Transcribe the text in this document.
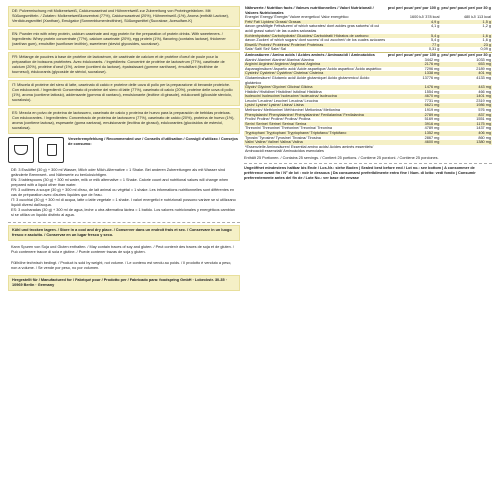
DE: Pulvermischung mit Molkeneiweiß, Calciumcaseinat und Hühnereiweiß zur Zubereitung von Proteingetränken. Mit Süßungsmitteln. / Zutaten: Molkeneiweißkonzentrat (77%), Calciumcaseinat (20%), Hühnereiweiß (1%), Aroma (enthält Lactose), Verdickungsmittel (Xanthan), Emulgator (Sonnenblumenlecithine), Süßungsmittel (Sucralose, Acesulfam-K)

EN: Powder mix with whey protein, calcium caseinate and egg protein for the preparation of protein drinks. With sweeteners. / Ingredients: Whey protein concentrate (77%), calcium caseinate (20%), egg protein (1%), flavoring (contains lactose), thickener (xanthan gum), emulsifier (sunflower lecithin), sweetener (steviol glycosides, sucralose).

FR: Mélange de poudres à base de protéine de lactosérum, de caséinate de calcium et de protéine d'oeuf de poule pour la préparation de boissons protéinées. Avec édulcorants. / Ingrédients: Concentré de protéine de lactosérum (77%), caséinate de calcium (20%), protéine d'oeuf (1%), arôme (contient du lactose), épaississant (gomme xanthane), émulsifiant (lécithine de tournesol), édulcorants (glycoside de stéviol, sucralose).

IT: Miscela di proteine del siero di latte, caseinato di calcio e proteine delle uova di pollo per la preparazione di bevande proteiche. Con edulcoranti. / Ingredienti: Concentrato di proteine del siero di latte (77%), caseinato di calcio (20%), proteine delle uova di pollo (1%), aroma (contiene lattosio), addensante (gomma di xantano), emulsionante (lecitine di girasole), edulcoranti (glicoside steviolo, sucralosio).

ES: Mezcla en polvo de proteína de lactosuero, caseinato de calcio y proteína de huevo para la preparación de bebidas proteicas. Con edulcorantes. / Ingredientes: Concentrado de proteína de lactosuero (77%), caseinato de calcio (20%), proteína de huevo (1%), aroma (contiene lactosa), espesante (goma xantana), emulsionante (lecitina de girasol), edulcorantes (glucósidos de esteviol, sucralosa).

Verzehrempfehlung / Recommended use / Conseils d'utilisation / Consigli d'utilizzo / Consejos de consumo:

DE: 3 Esslöffel (30 g) + 300 ml Wasser, Milch oder Milch-Alternative = 1 Shake. Bei anderen Zubereitungen als mit Wasser sind geänderte Brennwert- und Nährwerte zu berücksichtigen.

EN: 3 tablespoons (30 g) + 300 ml water, milk or milk alternative = 1 Shake. Calorie count and nutritional values will change when prepared with a liquid other than water.

FR: 3 cuillères à soupe (30 g) + 300 ml d'eau, de lait animal ou végétal = 1 shake. Les informations nutritionnelles sont différentes en cas de préparation avec d'autres liquides que de l'eau.

IT: 3 cucchiai (30 g) + 300 ml di acqua, latte o latte vegetale = 1 shake. I valori energetici e nutrizionali possono variare se si utilizzano liquidi diversi dall'acqua.

ES: 3 cucharadas (30 g) + 300 ml de agua, leche u otra alternativa láctea = 1 batido. Los valores nutricionales y energéticos cambian si se utiliza un líquido distinto al agua.

Kühl und trocken lagern. / Store in a cool and dry place. / Conserver dans un endroit frais et sec. / Conservare in un luogo fresco e asciutto. / Conservar en un lugar fresco y seco.

Kann Spuren von Soja und Gluten enthalten. / May contain traces of soy and gluten. / Peut contenir des traces de soja et de gluten. / Può contenere tracce di soia e glutine. / Puede contener trazas de soja y gluten.

Füllhöhe technisch bedingt. / Product is sold by weight, not volume. / Le contenu est vendu au poids. / Il prodotto è venduto a peso, non a volume. / Se vende por peso, no por volumen.

Hergestellt für / Manufactured for / Fabriqué pour / Prodotto per / Fabricado para: foodspring GmbH · Lobeckstr. 30-35 · 10969 Berlin · Germany

Nährwerte / Nutrition facts / Valeurs nutritionnelles / Valori Nutrizionali / Valores Nutricionales	pro/ per/ pour/ per/ por 100 g	pro/ per/ pour/ per/ por 30 g
Energie/ Energy/ Énergie/ Valore energetico/ Valor energético	1600 kJ/ 378 kcal	480 kJ/ 113 kcal
Fett/ Fat/ Lipides/ Grassi/ Grasas	4,9 g	1,5 g
davon gesättigte Fettsäuren/ of which saturates/ dont acides gras saturés/ di cui acidi grassi saturi/ de las cuales saturadas	4,1 g	1,2 g
Kohlenhydrate/ Carbohydrate/ Glucides/ Carboidrati/ Hidratos de carbono	5,4 g	1,6 g
davon Zucker/ of which sugars/ dont sucres/ di cui zuccheri/ de los cuales azúcares	5,4 g	1,6 g
Eiweiß/ Protein/ Protéines/ Proteine/ Proteínas	77 g	23 g
Salz/ Salt/ Sel/ Sale/ Sal	0,31 g	0,09 g
Aminosäuren / Amino acids / Acides aminés / Aminoacidi / Aminoácidos	pro/ per/ pour/ per/ por 100 g	pro/ per/ pour/ per/ por 30 g
Alanin/ Alanine/ Alanine/ Alanina/ Alanina	3442 mg	1033 mg
Arginin/ Arginine/ Arginine/ Arginina/ Arginina	2176 mg	653 mg
Asparaginsäure/ Aspartic acid/ Acide aspartique/ Acido aspartico/ Ácido aspártico	7296 mg	2189 mg
Cystein/ Cysteine/ Cystéine/ Cisteina/ Cisteína	1338 mg	401 mg
Glutaminsäure/ Glutamic acid/ Acide glutamique/ Acido glutammico/ Ácido glutámico	13776 mg	4133 mg
Glycin/ Glycine/ Glycine/ Glicina/ Glicina	1476 mg	443 mg
Histidin/ Histidine/ Histidine/ Istidina/ Histidina	1554 mg	466 mg
Isoleucin/ Isoleucine/ Isoleucine/ Isoleucina/ Isoleucina	4670 mg	1401 mg
Leucin/ Leucine/ Leucine/ Leucina/ Leucina	7731 mg	2319 mg
Lysin/ Lysine/ Lysine/ Lisina/ Lisina	6621 mg	1986 mg
Methionin/ Methionine/ Méthionine/ Metionina/ Metionina	1919 mg	576 mg
Phenylalanin/ Phenylalanine/ Phénylalanine/ Fenilalanina/ Fenilalanina	2789 mg	837 mg
Prolin/ Proline/ Proline/ Prolina/ Prolina	5169 mg	1551 mg
Serin/ Serine/ Sérine/ Serina/ Serina	3916 mg	1175 mg
Threonin/ Threonine/ Thréonine/ Treonina/ Treonina	4789 mg	1437 mg
Tryptophan/ Tryptophan/ Tryptophane/ Triptofano/ Triptófano	1352 mg	406 mg
Tyrosin/ Tyrosine/ Tyrosine/ Tirosina/ Tirosina	2867 mg	860 mg
Valin/ Valine/ Valine/ Valina/ Valina	4600 mg	1380 mg
*Essenzielle Aminosäuren/ Essential amino acids/ Acides aminés essentiels/ Aminoacidi essenziali/ Aminoácidos esenciales		

Enthält 25 Portionen. / Contains 25 servings. / Contient 25 portions. / Contiene 25 porzioni. / Contiene 25 porciones.

Ungeöffnet mindestens haltbar bis Ende / Los-Nr.: siehe Boden | Sealed best before end / Lot no.: see bottom | A consommer de préférence avant fin / N° de lot : voir le dessous | Da consumarsi preferibilmente entro fine / Num. di lotto: vedi fondo | Consumir preferentemente antes del fin de / Lote No.: ver base del envase
